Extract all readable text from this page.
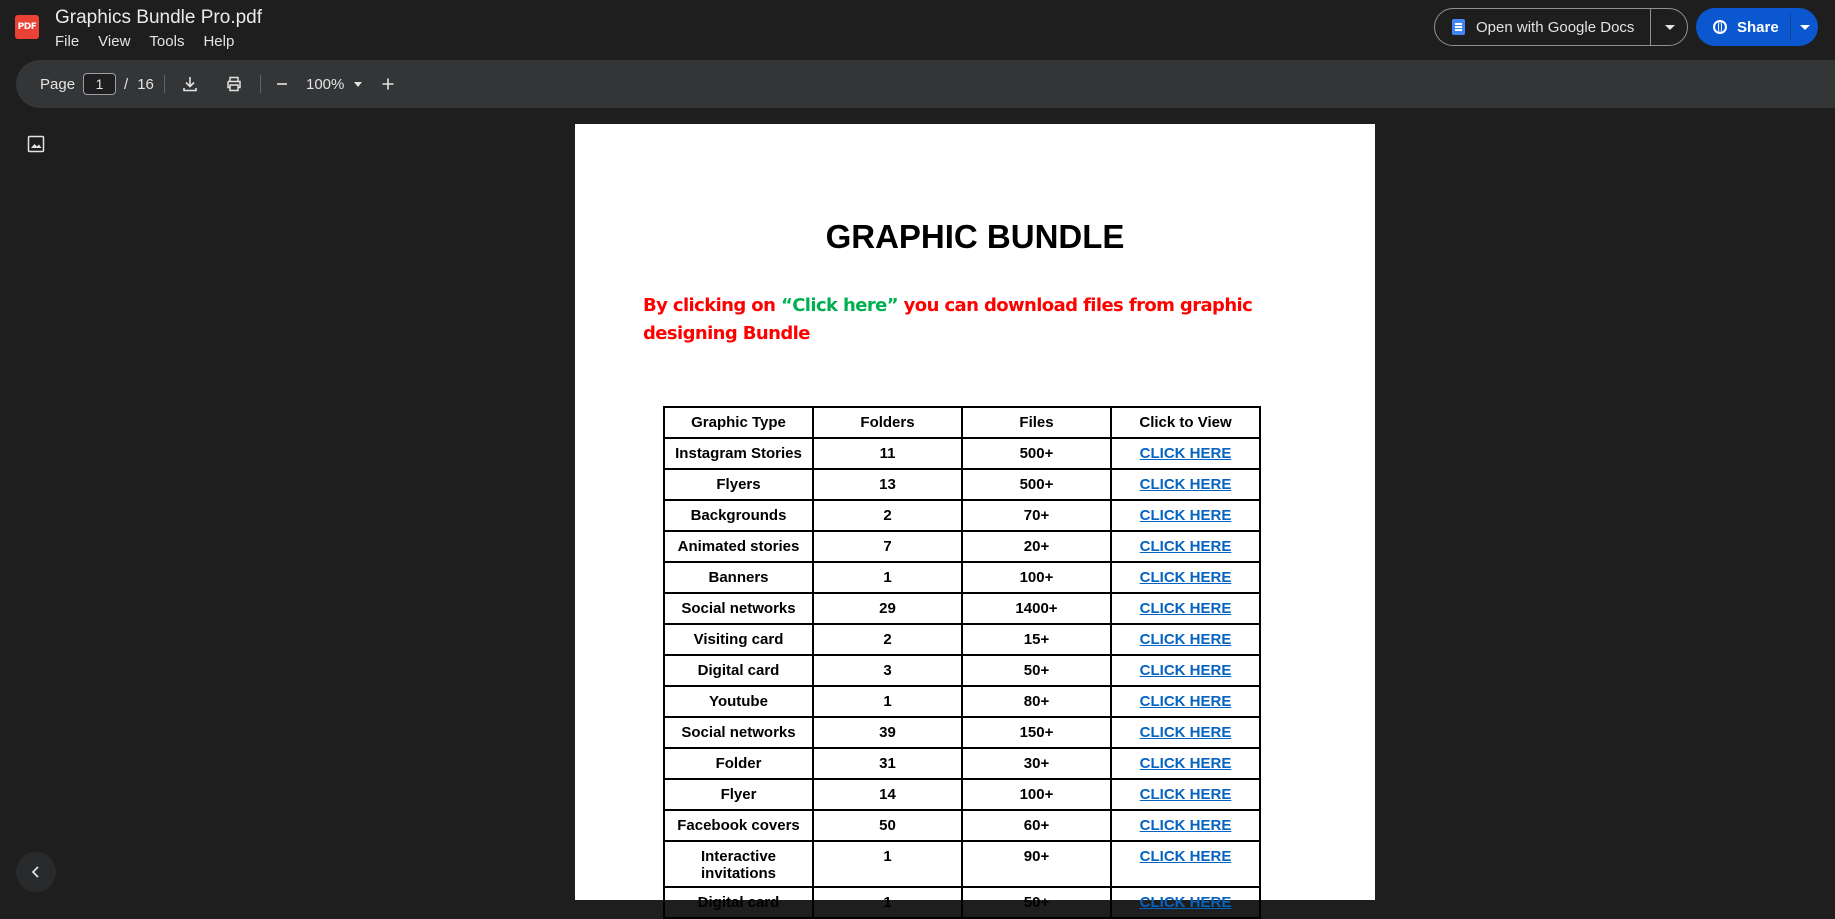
PDF Graphics Bundle Pro.pdf
File View Tools Help
Open with Google Docs	Share
Page
1	/ 16	100%
GRAPHIC BUNDLE
By clicking on “Click here” you can download files from graphic designing Bundle
Graphic Type	Folders	Files	Click to View
Instagram Stories	11	500+	CLICK HERE
Flyers	13	500+	CLICK HERE
Backgrounds	2	70+	CLICK HERE
Animated stories	7	20+	CLICK HERE
Banners	1	100+	CLICK HERE
Social networks	29	1400+	CLICK HERE
Visiting card	2	15+	CLICK HERE
Digital card	3	50+	CLICK HERE
Youtube	1	80+	CLICK HERE
Social networks	39	150+	CLICK HERE
Folder	31	30+	CLICK HERE
Flyer	14	100+	CLICK HERE
Facebook covers	50	60+	CLICK HERE
Interactive invitations	1	90+	CLICK HERE
Digital card	1	50+	CLICK HERE
